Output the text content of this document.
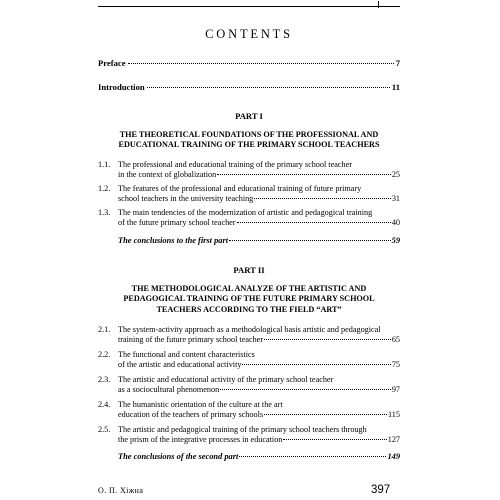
CONTENTS
Preface	7
Introduction	11
PART I
THE THEORETICAL FOUNDATIONS OF THE PROFESSIONAL AND
EDUCATIONAL TRAINING OF THE PRIMARY SCHOOL TEACHERS
1.1. The professional and educational training of the primary school teacher
in the context of globalization	25
1.2. The features of the professional and educational training of future primary
school teachers in the university teaching	31
1.3. The main tendencies of the modernization of artistic and pedagogical training
of the future primary school teacher	40
The conclusions to the first part	59
PART II
THE METHODOLOGICAL ANALYZE OF THE ARTISTIC AND
PEDAGOGICAL TRAINING OF THE FUTURE PRIMARY SCHOOL
TEACHERS ACCORDING TO THE FIELD “ART”
2.1. The system-activity approach as a methodological basis artistic and pedagogical
training of the future primary school teacher	65
2.2. The functional and content characteristics
of the artistic and educational activity	75
2.3. The artistic and educational activity of the primary school teacher
as a sociocultural phenomenon	97
2.4. The humanistic orientation of the culture at the art
education of the teachers of primary schools	115
2.5. The artistic and pedagogical training of the primary school teachers through
the prism of the integrative processes in education	127
The conclusions of the second part	149
О. П. Хіжна	397
